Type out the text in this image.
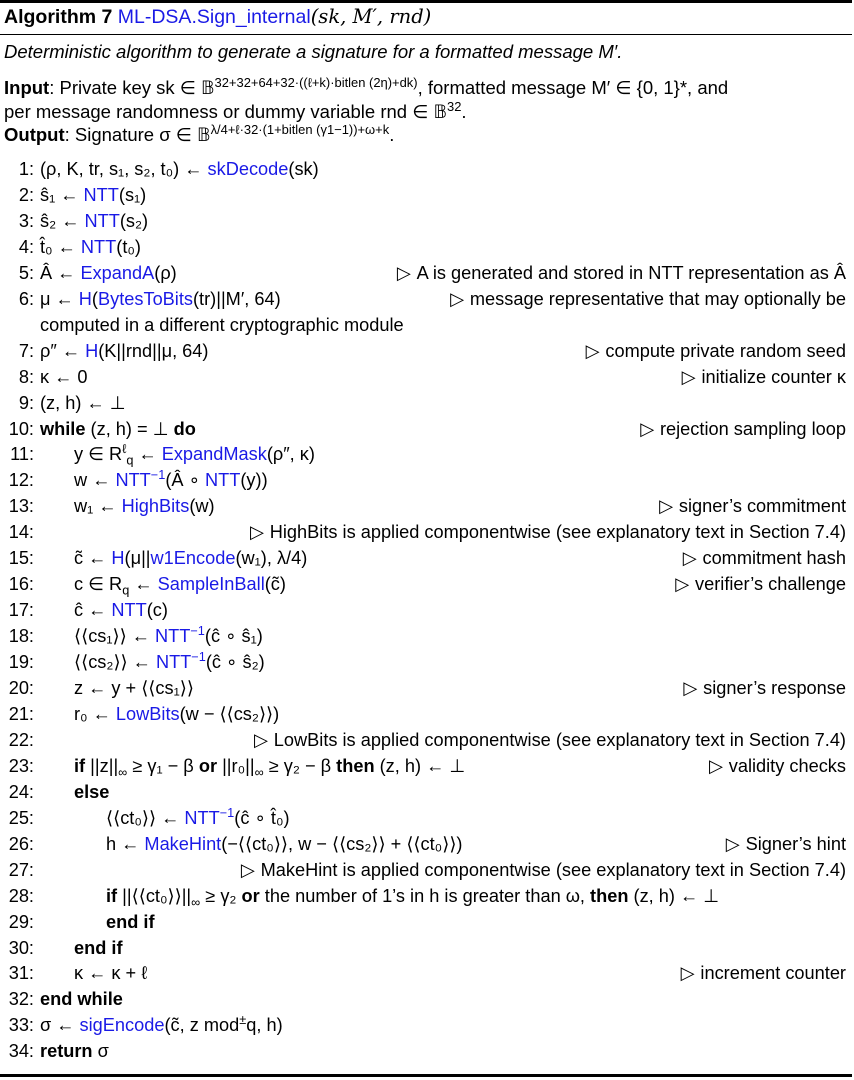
Algorithm 7 ML-DSA.Sign_internal(sk, M′, rnd)
Deterministic algorithm to generate a signature for a formatted message M′.
Input: Private key sk ∈ 𝔹$^{32+32+64+32\cdot((\ell+k)\cdot bitlen (2\eta)+dk)}$, formatted message M′ ∈ {0, 1}*, and
per message randomness or dummy variable rnd ∈ 𝔹$^{32}$.
Output: Signature σ ∈ 𝔹$^{\lambda/4+\ell\cdot 32\cdot(1+bitlen (\gamma 1-1))+\omega+k}$.
1: (ρ, K, tr, s₁, s₂, t₀) ← skDecode(sk)
2: ŝ₁ ← NTT(s₁)
3: ŝ₂ ← NTT(s₂)
4: t̂₀ ← NTT(t₀)
5: Â ← ExpandA(ρ)	▷ A is generated and stored in NTT representation as Â
6: μ ← H(BytesToBits(tr)||M′, 64)	▷ message representative that may optionally be
computed in a different cryptographic module
7: ρ″ ← H(K||rnd||μ, 64)	▷ compute private random seed
8: κ ← 0	▷ initialize counter κ
9: (z, h) ← ⊥
10: while (z, h) = ⊥ do	▷ rejection sampling loop
11: y ∈ $R^\ell_q$ ← ExpandMask(ρ″, κ)
12: w ← $NTT^{-1}(Â$ ∘ NTT(y))
13: w₁ ← HighBits(w)	▷ signer’s commitment
14:	▷ HighBits is applied componentwise (see explanatory text in Section 7.4)
15: c̃ ← H(μ||w1Encode(w₁), λ/4)	▷ commitment hash
16: c ∈ $R_q$ ← SampleInBall(c̃)	▷ verifier’s challenge
17: ĉ ← NTT(c)
18: ⟨⟨cs₁⟩⟩ ← $NTT^{-1}(ĉ$ ∘ ŝ₁)
19: ⟨⟨cs₂⟩⟩ ← $NTT^{-1}(ĉ$ ∘ ŝ₂)
20: z ← y + ⟨⟨cs₁⟩⟩	▷ signer’s response
21: r₀ ← LowBits(w − ⟨⟨cs₂⟩⟩)
22:	▷ LowBits is applied componentwise (see explanatory text in Section 7.4)
23: if $||z||_\infty \ge \gamma_1 - \beta$ or $||r_0||_\infty \ge \gamma_2 - \beta$ then (z, h) ← ⊥	▷ validity checks
24: else
25:	⟨⟨ct₀⟩⟩ ← $NTT^{-1}(ĉ$ ∘ t̂₀)
26:	h ← MakeHint(−⟨⟨ct₀⟩⟩, w − ⟨⟨cs₂⟩⟩ + ⟨⟨ct₀⟩⟩)	▷ Signer’s hint
27:	▷ MakeHint is applied componentwise (see explanatory text in Section 7.4)
28:	if $||⟨⟨ct_0⟩⟩||_\infty \ge \gamma_2$ or the number of 1’s in h is greater than ω, then (z, h) ← ⊥
29:	end if
30: end if
31: κ ← κ + ℓ	▷ increment counter
32: end while
33: σ ← sigEncode(c̃, z mod±q, h)
34: return σ
